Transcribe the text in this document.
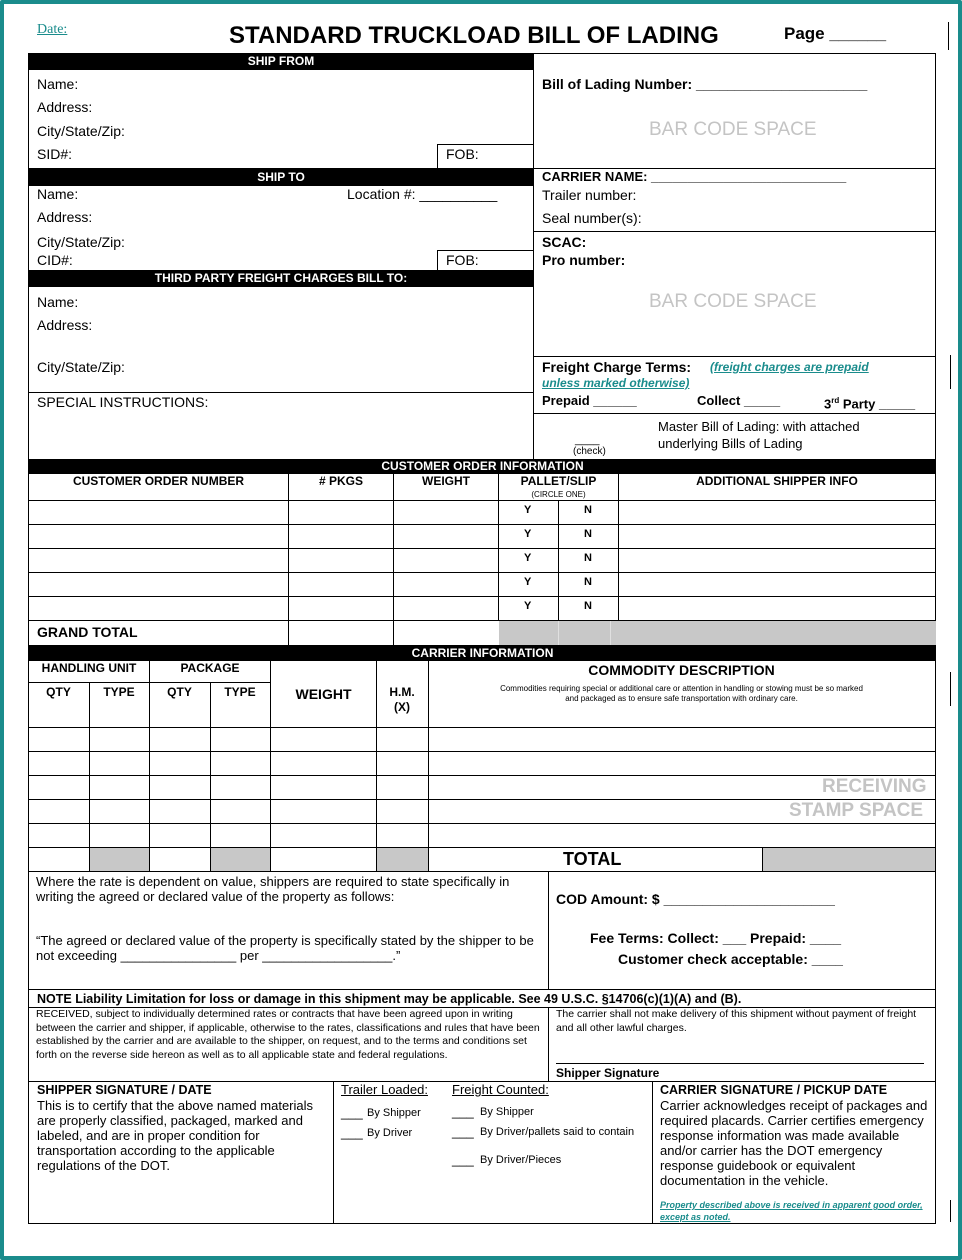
Date:	STANDARD TRUCKLOAD BILL OF LADING	Page ______
SHIP FROM
Name:
Address:
City/State/Zip:
SID#:	FOB:
Bill of Lading Number: ______________________
BAR CODE SPACE
SHIP TO
Name:	Location #: __________
Address:
City/State/Zip:
CID#:	FOB:
CARRIER NAME: ___________________________
Trailer number:
Seal number(s):
SCAC:
Pro number:
BAR CODE SPACE
THIRD PARTY FREIGHT CHARGES BILL TO:
Name:
Address:
City/State/Zip:	Freight Charge Terms: (freight charges are prepaid
unless marked otherwise)
Prepaid ______	Collect _____	3rd Party _____
SPECIAL INSTRUCTIONS:
____
(check)
Master Bill of Lading: with attached
underlying Bills of Lading
CUSTOMER ORDER INFORMATION
CUSTOMER ORDER NUMBER	# PKGS	WEIGHT	PALLET/SLIP
(CIRCLE ONE)
ADDITIONAL SHIPPER INFO
Y	N
Y	N
Y	N
Y	N
Y	N
GRAND TOTAL
CARRIER INFORMATION
HANDLING UNIT	PACKAGE
QTY	TYPE	QTY	TYPE	WEIGHT	H.M.
(X)
COMMODITY DESCRIPTION
Commodities requiring special or additional care or attention in handling or stowing must be so marked
and packaged as to ensure safe transportation with ordinary care.
RECEIVING
STAMP SPACE
TOTAL
Where the rate is dependent on value, shippers are required to state specifically in writing the agreed or declared value of the property as follows:
“The agreed or declared value of the property is specifically stated by the shipper to be not exceeding ________________ per __________________.”
COD Amount: $ ______________________
Fee Terms: Collect: ___ Prepaid: ____
Customer check acceptable: ____
NOTE Liability Limitation for loss or damage in this shipment may be applicable. See 49 U.S.C. §14706(c)(1)(A) and (B).
RECEIVED, subject to individually determined rates or contracts that have been agreed upon in writing between the carrier and shipper, if applicable, otherwise to the rates, classifications and rules that have been established by the carrier and are available to the shipper, on request, and to the terms and conditions set forth on the reverse side hereon as well as to all applicable state and federal regulations.
The carrier shall not make delivery of this shipment without payment of freight and all other lawful charges.
Shipper Signature
SHIPPER SIGNATURE / DATE
This is to certify that the above named materials are properly classified, packaged, marked and labeled, and are in proper condition for transportation according to the applicable regulations of the DOT.
Trailer Loaded:
___ By Shipper
___ By Driver
Freight Counted:
___ By Shipper
___ By Driver/pallets said to contain
___ By Driver/Pieces
CARRIER SIGNATURE / PICKUP DATE
Carrier acknowledges receipt of packages and required placards. Carrier certifies emergency response information was made available and/or carrier has the DOT emergency response guidebook or equivalent documentation in the vehicle.
Property described above is received in apparent good order, except as noted.
